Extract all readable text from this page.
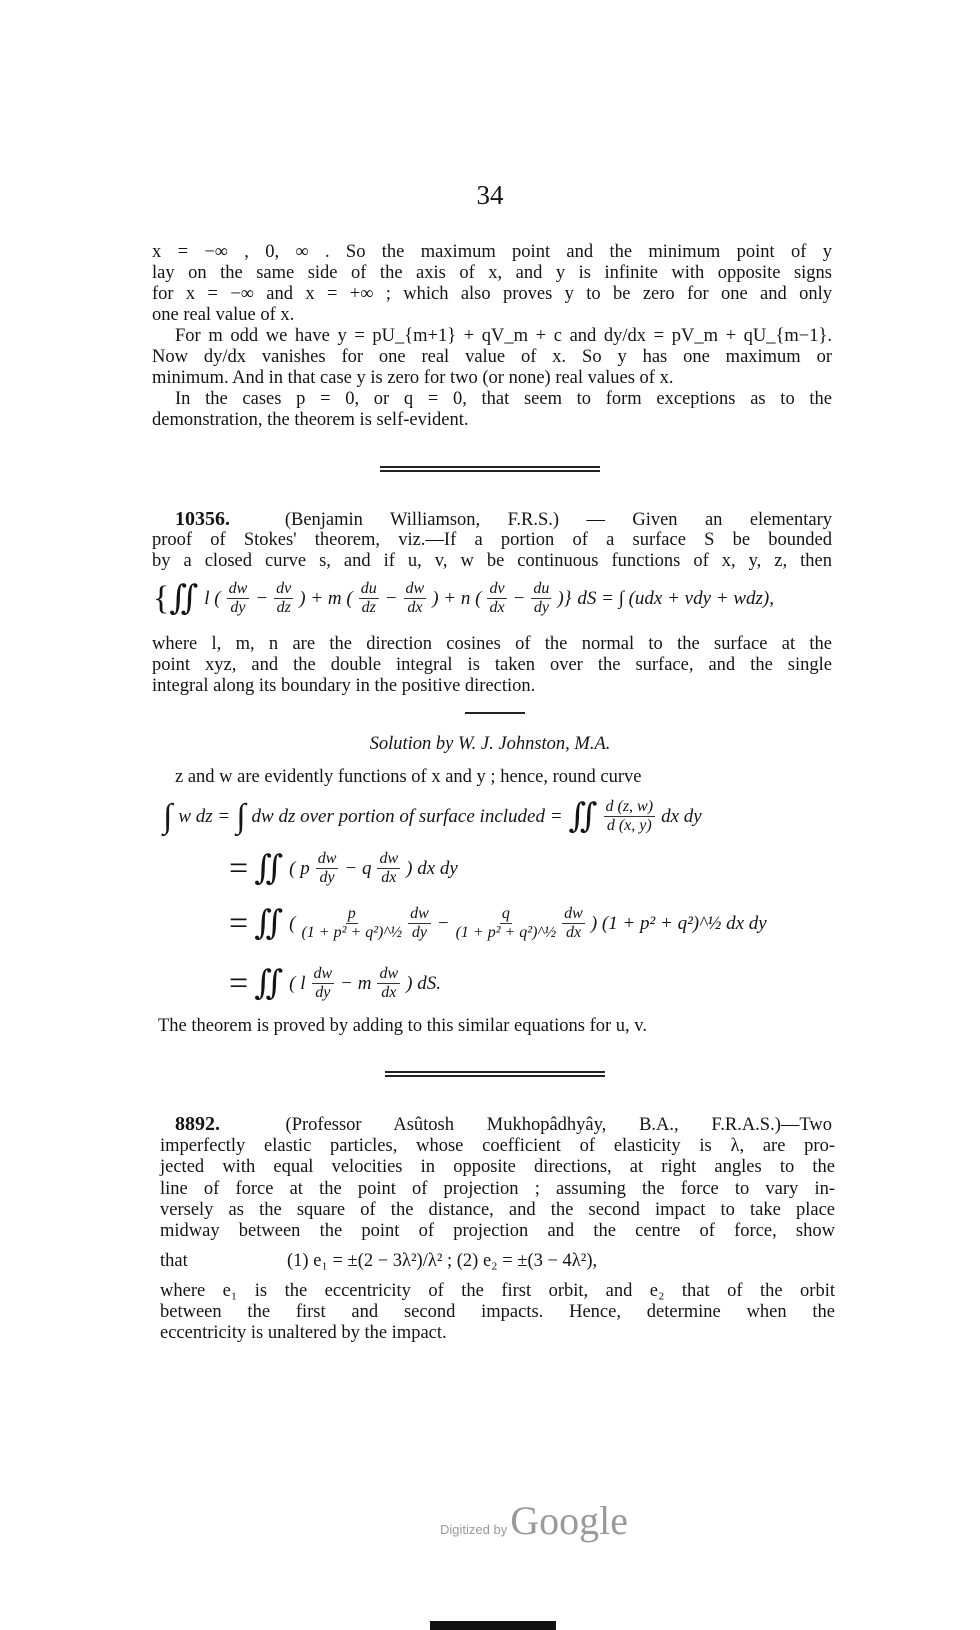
34
x = −∞ , 0, ∞ . So the maximum point and the minimum point of y
lay on the same side of the axis of x, and y is infinite with opposite signs
for x = −∞ and x = +∞ ; which also proves y to be zero for one and only
one real value of x.
For m odd we have y = pU_{m+1} + qV_m + c and dy/dx = pV_m + qU_{m−1}.
Now dy/dx vanishes for one real value of x. So y has one maximum or
minimum. And in that case y is zero for two (or none) real values of x.
In the cases p = 0, or q = 0, that seem to form exceptions as to the
demonstration, the theorem is self-evident.
10356.	(Benjamin Williamson, F.R.S.) — Given an elementary
proof of Stokes' theorem, viz.—If a portion of a surface S be bounded
by a closed curve s, and if u, v, w be continuous functions of x, y, z, then
{∬ l ( $\frac{dw}{dy} - \frac{dv}{dz}$ ) + m ( $\frac{du}{dz} - \frac{dw}{dx}$ ) + n ( $\frac{dv}{dx} - \frac{du}{dy}$ )} dS = ∫ (udx + vdy + wdz),
where l, m, n are the direction cosines of the normal to the surface at the
point xyz, and the double integral is taken over the surface, and the single
integral along its boundary in the positive direction.
Solution by W. J. Johnston, M.A.
z and w are evidently functions of x and y ; hence, round curve
∫ w dz = ∫ dw dz over portion of surface included = ∬ $\frac{d (z, w)}{d (x, y)}$ dx dy
= ∬ ( p $\frac{dw}{dy} - q \frac{dw}{dx}$ ) dx dy
= ∬ ( $\frac{p}{\text{(1 + p² + q²)\textasciicircum{}½}} \frac{dw}{dy} - \frac{q}{\text{(1 + p² + q²)\textasciicircum{}½}} \frac{dw}{dx}$ ) (1 + p² + q²)^½ dx dy
= ∬ ( l $\frac{dw}{dy} - m \frac{dw}{dx}$ ) dS.
The theorem is proved by adding to this similar equations for u, v.
8892.	(Professor Asûtosh Mukhopâdhyây, B.A., F.R.A.S.)—Two
imperfectly elastic particles, whose coefficient of elasticity is λ, are pro-
jected with equal velocities in opposite directions, at right angles to the
line of force at the point of projection ; assuming the force to vary in-
versely as the square of the distance, and the second impact to take place
midway between the point of projection and the centre of force, show
that	(1) e₁ = ±(2 − 3λ²)/λ² ; (2) e₂ = ±(3 − 4λ²),
where e₁ is the eccentricity of the first orbit, and e₂ that of the orbit
between the first and second impacts. Hence, determine when the
eccentricity is unaltered by the impact.
Digitized by Google
